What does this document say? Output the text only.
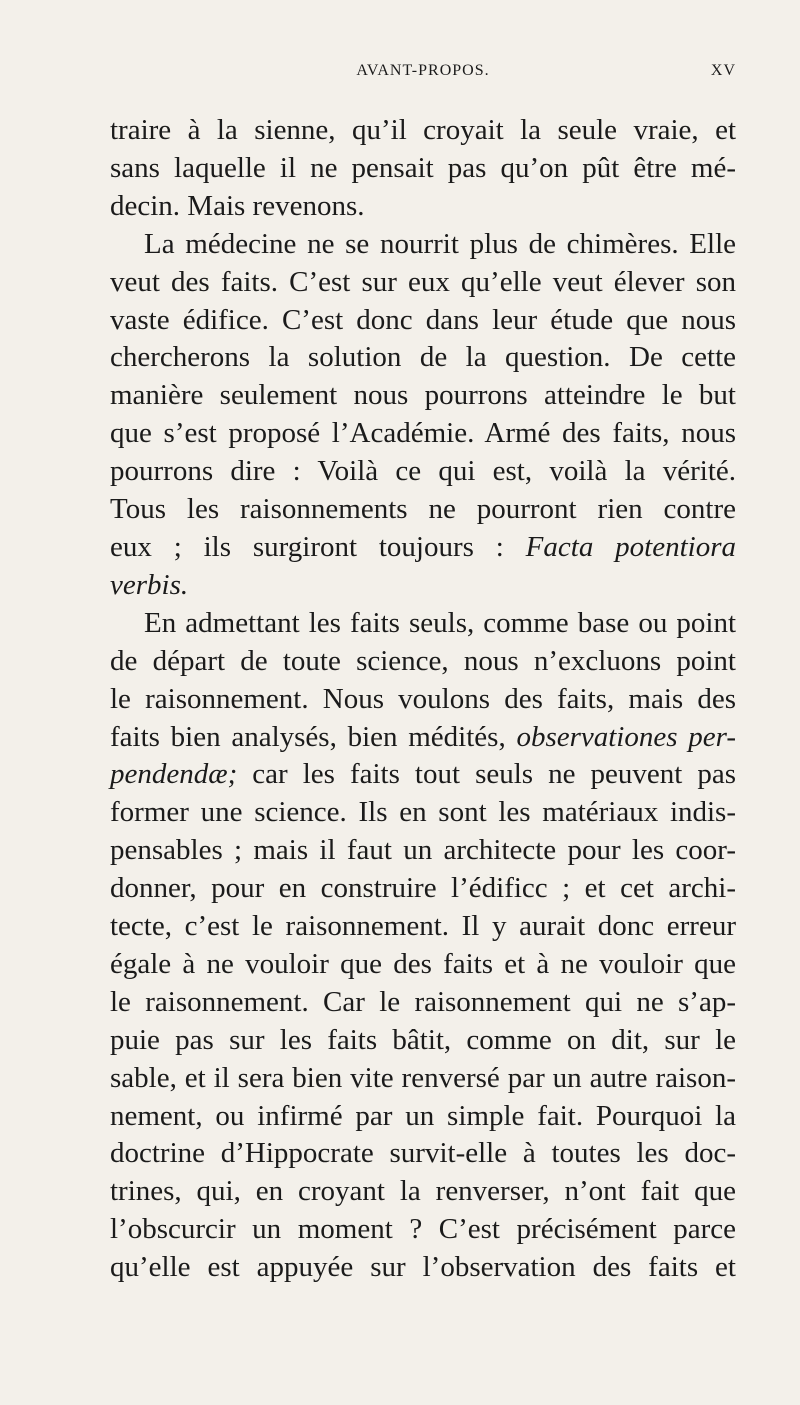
AVANT-PROPOS.	XV
traire à la sienne, qu’il croyait la seule vraie, et
sans laquelle il ne pensait pas qu’on pût être mé-
decin. Mais revenons.
La médecine ne se nourrit plus de chimères. Elle
veut des faits. C’est sur eux qu’elle veut élever son
vaste édifice. C’est donc dans leur étude que nous
chercherons la solution de la question. De cette
manière seulement nous pourrons atteindre le but
que s’est proposé l’Académie. Armé des faits, nous
pourrons dire : Voilà ce qui est, voilà la vérité.
Tous les raisonnements ne pourront rien contre
eux ; ils surgiront toujours : Facta potentiora
verbis.
En admettant les faits seuls, comme base ou point
de départ de toute science, nous n’excluons point
le raisonnement. Nous voulons des faits, mais des
faits bien analysés, bien médités, observationes per-
pendendæ; car les faits tout seuls ne peuvent pas
former une science. Ils en sont les matériaux indis-
pensables ; mais il faut un architecte pour les coor-
donner, pour en construire l’édificc ; et cet archi-
tecte, c’est le raisonnement. Il y aurait donc erreur
égale à ne vouloir que des faits et à ne vouloir que
le raisonnement. Car le raisonnement qui ne s’ap-
puie pas sur les faits bâtit, comme on dit, sur le
sable, et il sera bien vite renversé par un autre raison-
nement, ou infirmé par un simple fait. Pourquoi la
doctrine d’Hippocrate survit-elle à toutes les doc-
trines, qui, en croyant la renverser, n’ont fait que
l’obscurcir un moment ? C’est précisément parce
qu’elle est appuyée sur l’observation des faits et
